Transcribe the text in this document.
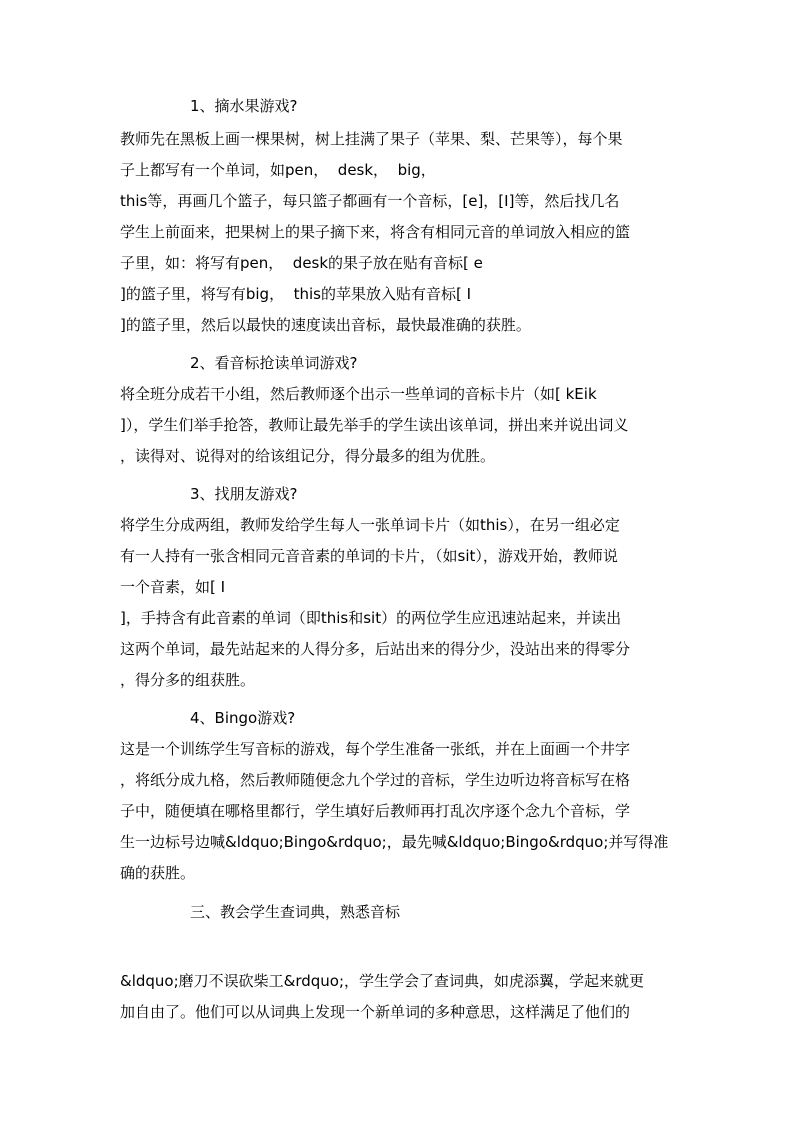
1、摘水果游戏?

教师先在黑板上画一棵果树，树上挂满了果子（苹果、梨、芒果等），每个果

子上都写有一个单词，如pen，  desk，  big，

this等，再画几个篮子，每只篮子都画有一个音标，[e]，[I]等，然后找几名

学生上前面来，把果树上的果子摘下来，将含有相同元音的单词放入相应的篮

子里，如：将写有pen，  desk的果子放在贴有音标[ e

]的篮子里，将写有big，  this的苹果放入贴有音标[ I

]的篮子里，然后以最快的速度读出音标，最快最准确的获胜。

2、看音标抢读单词游戏?

将全班分成若干小组，然后教师逐个出示一些单词的音标卡片（如[ kEik

]），学生们举手抢答，教师让最先举手的学生读出该单词，拼出来并说出词义

，读得对、说得对的给该组记分，得分最多的组为优胜。

3、找朋友游戏?

将学生分成两组，教师发给学生每人一张单词卡片（如this），在另一组必定

有一人持有一张含相同元音音素的单词的卡片，（如sit），游戏开始，教师说

一个音素，如[ I

]，手持含有此音素的单词（即this和sit）的两位学生应迅速站起来，并读出

这两个单词，最先站起来的人得分多，后站出来的得分少，没站出来的得零分

，得分多的组获胜。

4、Bingo游戏?

这是一个训练学生写音标的游戏，每个学生准备一张纸，并在上面画一个井字

，将纸分成九格，然后教师随便念九个学过的音标，学生边听边将音标写在格

子中，随便填在哪格里都行，学生填好后教师再打乱次序逐个念九个音标，学

生一边标号边喊&ldquo;Bingo&rdquo;，最先喊&ldquo;Bingo&rdquo;并写得准

确的获胜。

三、教会学生查词典，熟悉音标

&ldquo;磨刀不误砍柴工&rdquo;，学生学会了查词典，如虎添翼，学起来就更

加自由了。他们可以从词典上发现一个新单词的多种意思，这样满足了他们的
